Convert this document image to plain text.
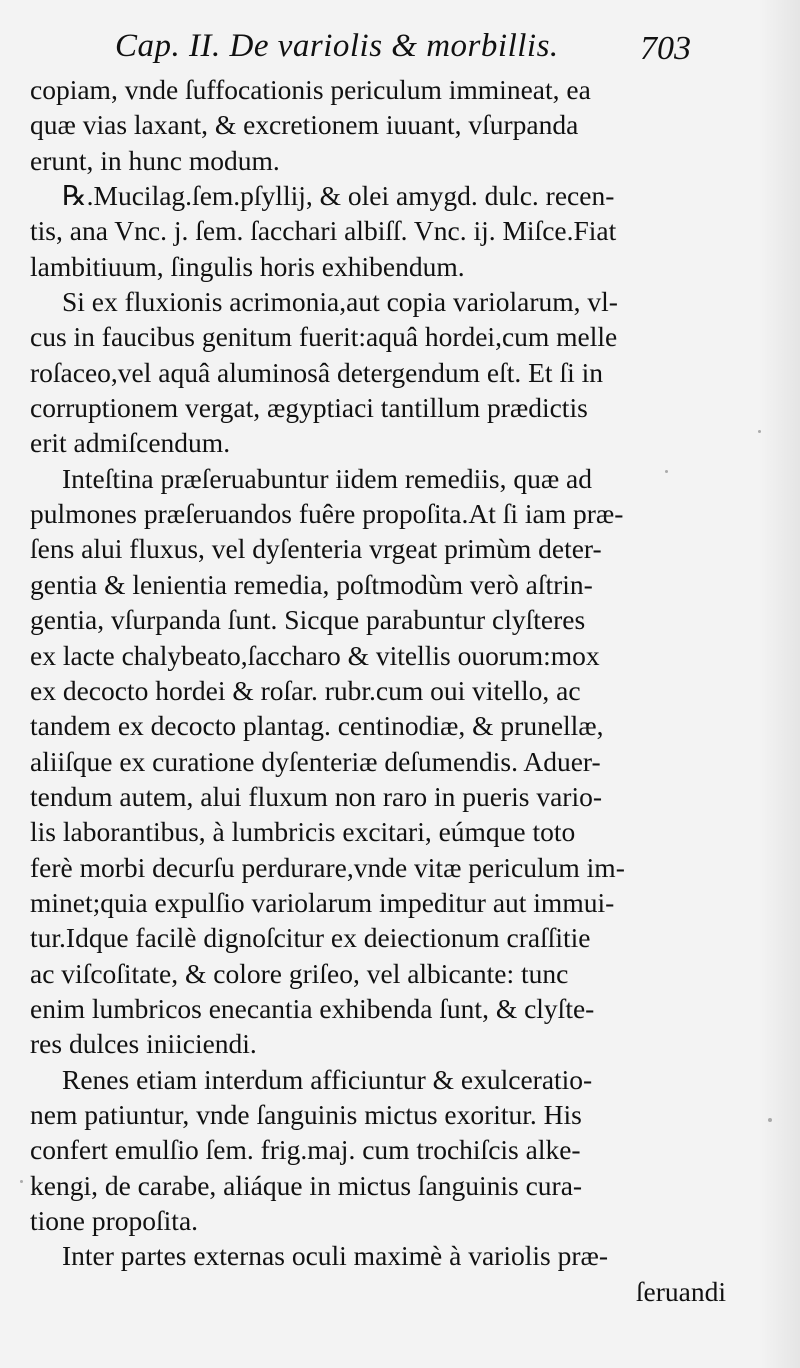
Cap. II. De variolis & morbillis. 703
copiam, vnde ſuffocationis periculum immineat, ea
quæ vias laxant, & excretionem iuuant, vſurpanda
erunt, in hunc modum.
℞.Mucilag.ſem.pſyllij, & olei amygd. dulc. recen-
tis, ana Vnc. j. ſem. ſacchari albiſſ. Vnc. ij. Miſce.Fiat
lambitiuum, ſingulis horis exhibendum.
Si ex fluxionis acrimonia,aut copia variolarum, vl-
cus in faucibus genitum fuerit:aquâ hordei,cum melle
roſaceo,vel aquâ aluminosâ detergendum eſt. Et ſi in
corruptionem vergat, ægyptiaci tantillum prædictis
erit admiſcendum.
Inteſtina præſeruabuntur iidem remediis, quæ ad
pulmones præſeruandos fuêre propoſita.At ſi iam præ-
ſens alui fluxus, vel dyſenteria vrgeat primùm deter-
gentia & lenientia remedia, poſtmodùm verò aſtrin-
gentia, vſurpanda ſunt. Sicque parabuntur clyſteres
ex lacte chalybeato,ſaccharo & vitellis ouorum:mox
ex decocto hordei & roſar. rubr.cum oui vitello, ac
tandem ex decocto plantag. centinodiæ, & prunellæ,
aliiſque ex curatione dyſenteriæ deſumendis. Aduer-
tendum autem, alui fluxum non raro in pueris vario-
lis laborantibus, à lumbricis excitari, eúmque toto
ferè morbi decurſu perdurare,vnde vitæ periculum im-
minet;quia expulſio variolarum impeditur aut immui-
tur.Idque facilè dignoſcitur ex deiectionum craſſitie
ac viſcoſitate, & colore griſeo, vel albicante: tunc
enim lumbricos enecantia exhibenda ſunt, & clyſte-
res dulces iniiciendi.
Renes etiam interdum afficiuntur & exulceratio-
nem patiuntur, vnde ſanguinis mictus exoritur. His
confert emulſio ſem. frig.maj. cum trochiſcis alke-
kengi, de carabe, aliáque in mictus ſanguinis cura-
tione propoſita.
Inter partes externas oculi maximè à variolis præ-
ſeruandi
